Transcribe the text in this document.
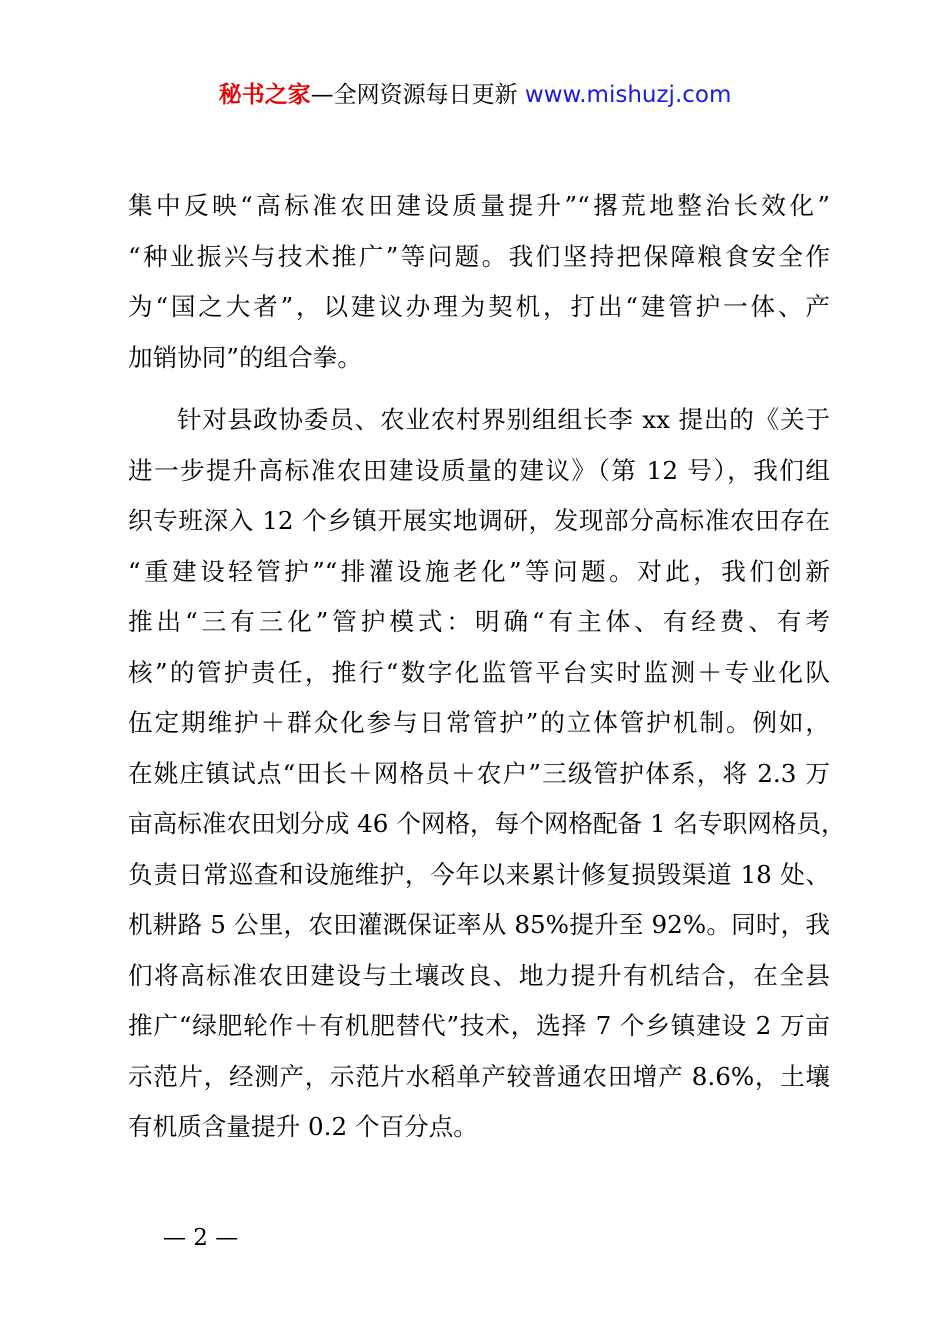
秘书之家—全网资源每日更新 www.mishuzj.com
集中反映“高标准农田建设质量提升”“撂荒地整治长效化”
“种业振兴与技术推广”等问题。我们坚持把保障粮食安全作
为“国之大者”，以建议办理为契机，打出“建管护一体、产
加销协同”的组合拳。
针对县政协委员、农业农村界别组组长李 xx 提出的《关于
进一步提升高标准农田建设质量的建议》（第 12 号），我们组
织专班深入 12 个乡镇开展实地调研，发现部分高标准农田存在
“重建设轻管护”“排灌设施老化”等问题。对此，我们创新
推出“三有三化”管护模式：明确“有主体、有经费、有考
核”的管护责任，推行“数字化监管平台实时监测＋专业化队
伍定期维护＋群众化参与日常管护”的立体管护机制。例如，
在姚庄镇试点“田长＋网格员＋农户”三级管护体系，将 2.3 万
亩高标准农田划分成 46 个网格，每个网格配备 1 名专职网格员，
负责日常巡查和设施维护，今年以来累计修复损毁渠道 18 处、
机耕路 5 公里，农田灌溉保证率从 85%提升至 92%。同时，我
们将高标准农田建设与土壤改良、地力提升有机结合，在全县
推广“绿肥轮作＋有机肥替代”技术，选择 7 个乡镇建设 2 万亩
示范片，经测产，示范片水稻单产较普通农田增产 8.6%，土壤
有机质含量提升 0.2 个百分点。
— 2 —
